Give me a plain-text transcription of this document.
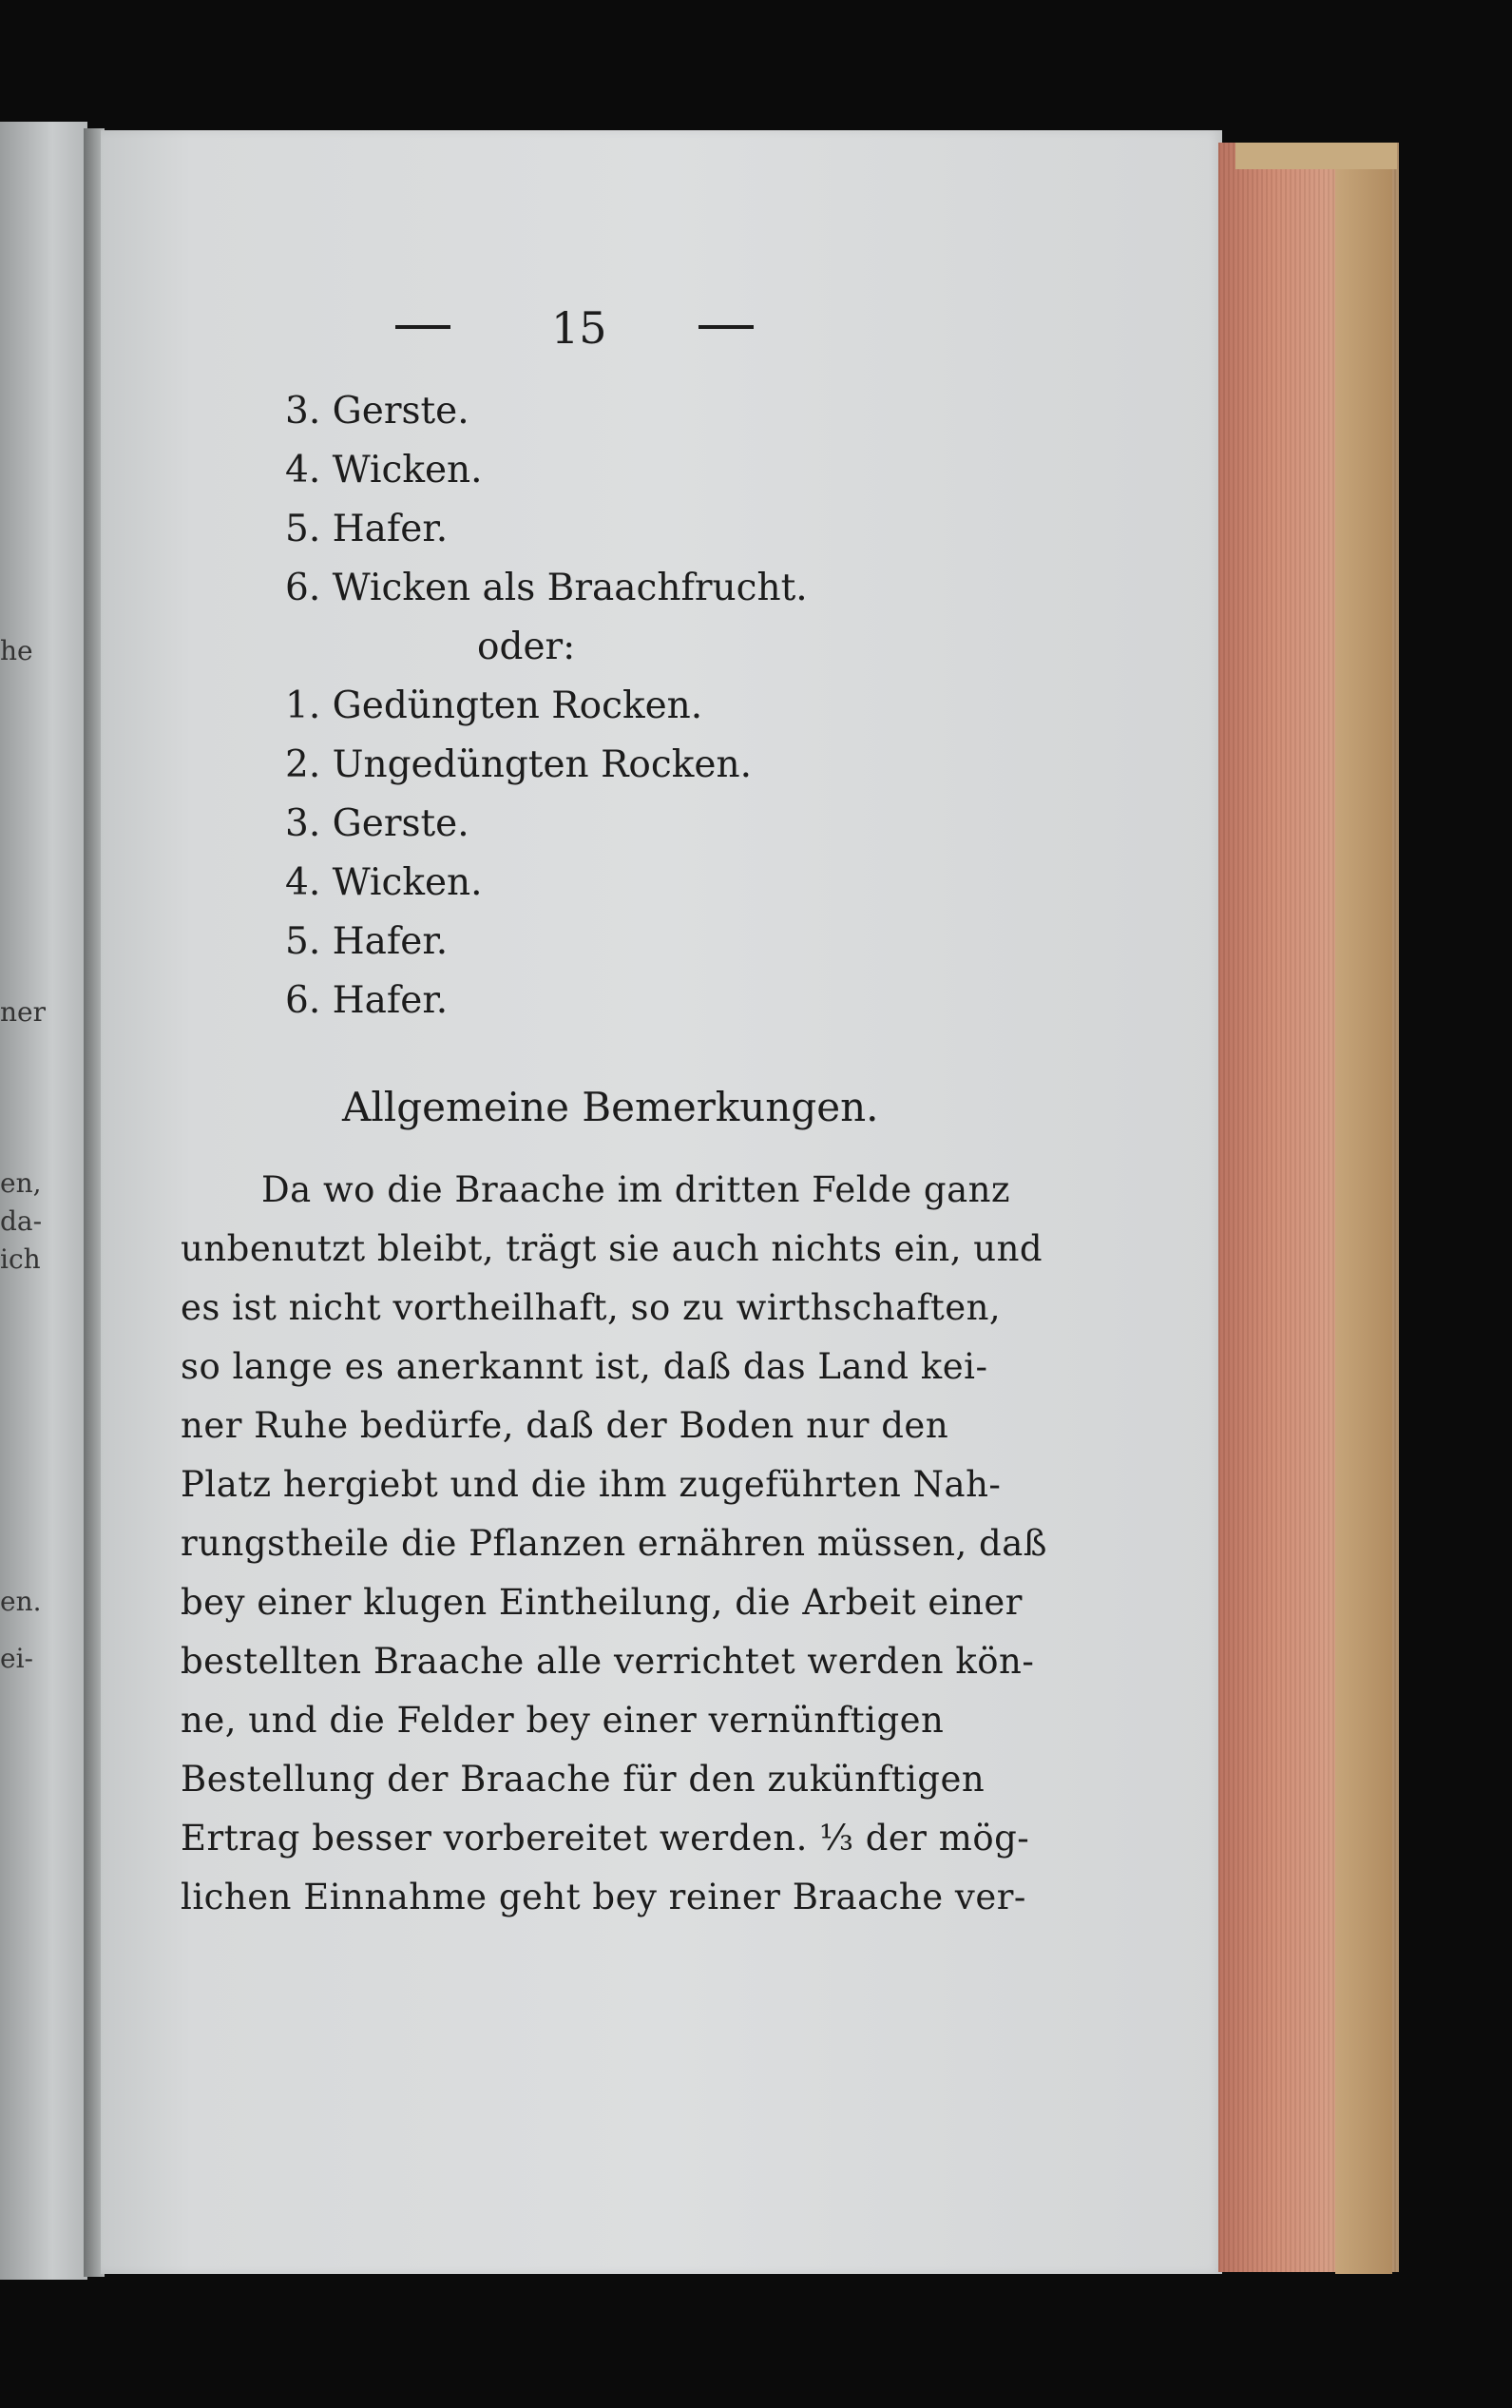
he
ner
en,
da-
ich
en.
ei-
15
3. Gerste.
4. Wicken.
5. Hafer.
6. Wicken als Braachfrucht.
oder:
1. Gedüngten Rocken.
2. Ungedüngten Rocken.
3. Gerste.
4. Wicken.
5. Hafer.
6. Hafer.
Allgemeine Bemerkungen.
Da wo die Braache im dritten Felde ganz
unbenutzt bleibt, trägt sie auch nichts ein, und
es ist nicht vortheilhaft, so zu wirthschaften,
so lange es anerkannt ist, daß das Land kei-
ner Ruhe bedürfe, daß der Boden nur den
Platz hergiebt und die ihm zugeführten Nah-
rungstheile die Pflanzen ernähren müssen, daß
bey einer klugen Eintheilung, die Arbeit einer
bestellten Braache alle verrichtet werden kön-
ne, und die Felder bey einer vernünftigen
Bestellung der Braache für den zukünftigen
Ertrag besser vorbereitet werden. ⅓ der mög-
lichen Einnahme geht bey reiner Braache ver-
